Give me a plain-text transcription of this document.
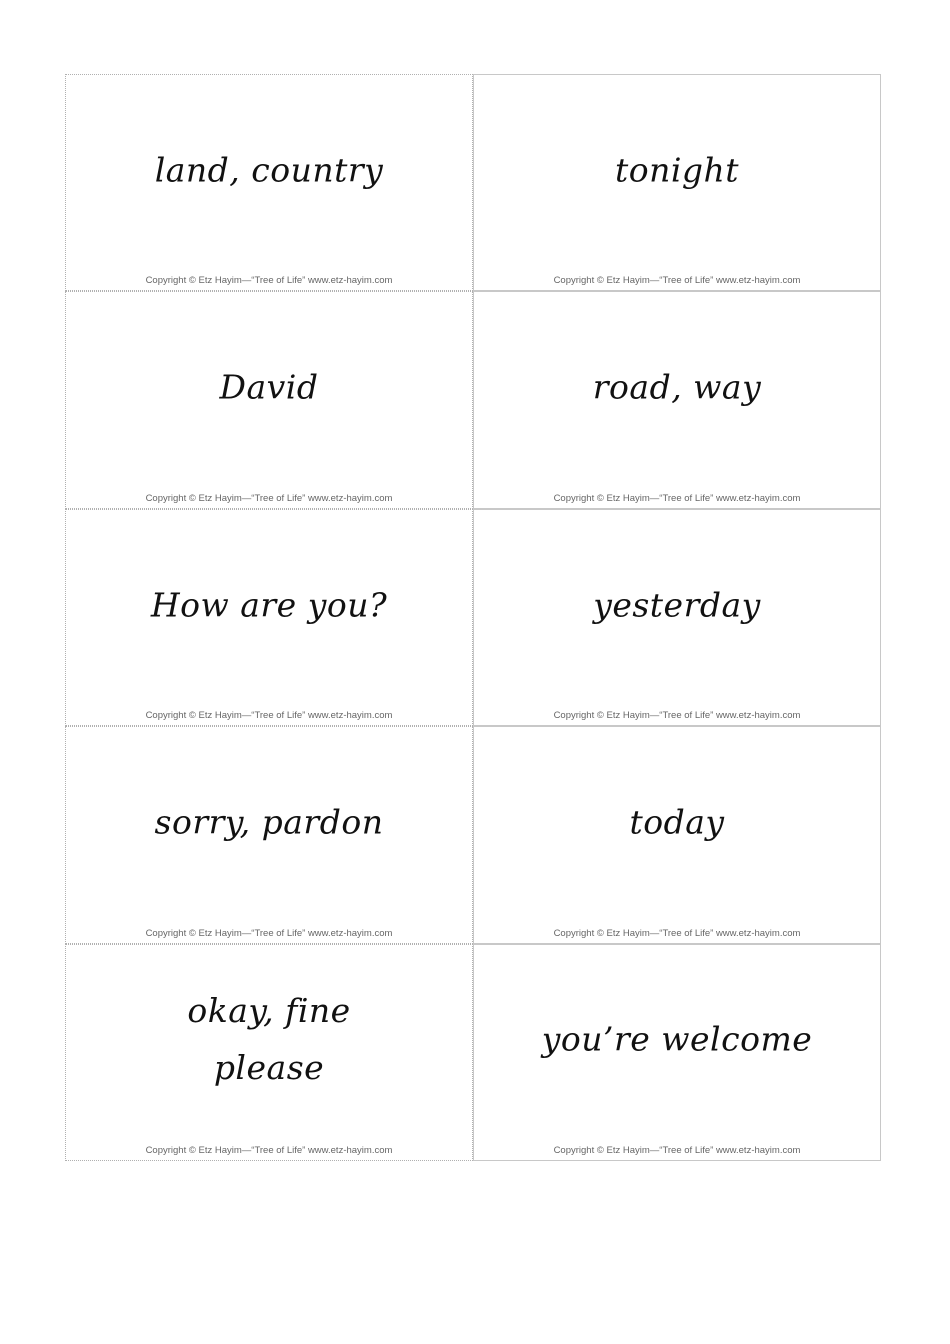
land, country
Copyright © Etz Hayim—“Tree of Life” www.etz-hayim.com
tonight
Copyright © Etz Hayim—“Tree of Life” www.etz-hayim.com
David
Copyright © Etz Hayim—“Tree of Life” www.etz-hayim.com
road, way
Copyright © Etz Hayim—“Tree of Life” www.etz-hayim.com
How are you?
Copyright © Etz Hayim—“Tree of Life” www.etz-hayim.com
yesterday
Copyright © Etz Hayim—“Tree of Life” www.etz-hayim.com
sorry, pardon
Copyright © Etz Hayim—“Tree of Life” www.etz-hayim.com
today
Copyright © Etz Hayim—“Tree of Life” www.etz-hayim.com
okay, fine
please
Copyright © Etz Hayim—“Tree of Life” www.etz-hayim.com
you’re welcome
Copyright © Etz Hayim—“Tree of Life” www.etz-hayim.com
